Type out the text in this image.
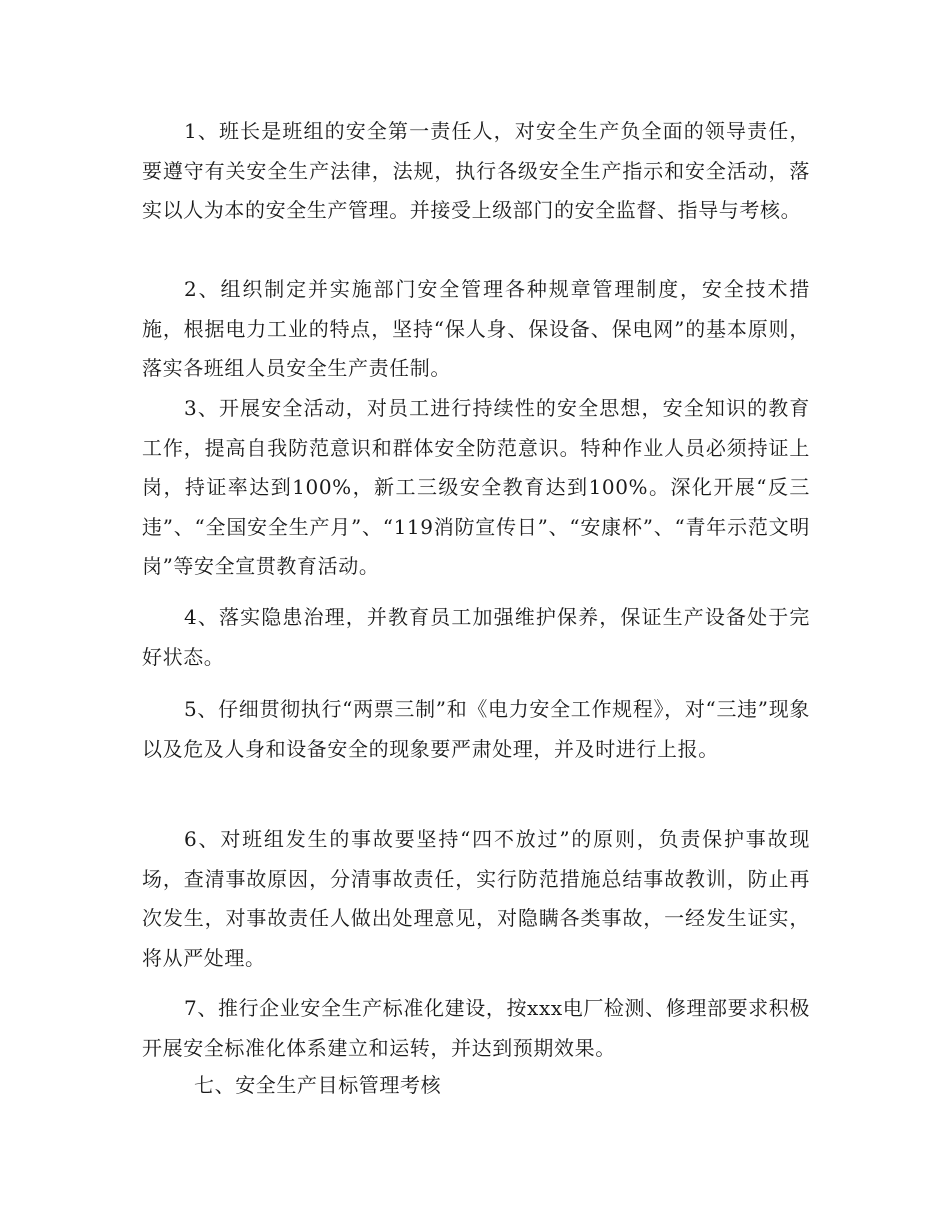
1、班长是班组的安全第一责任人，对安全生产负全面的领导责任，要遵守有关安全生产法律，法规，执行各级安全生产指示和安全活动，落实以人为本的安全生产管理。并接受上级部门的安全监督、指导与考核。

2、组织制定并实施部门安全管理各种规章管理制度，安全技术措施，根据电力工业的特点，坚持“保人身、保设备、保电网”的基本原则，落实各班组人员安全生产责任制。

3、开展安全活动，对员工进行持续性的安全思想，安全知识的教育工作，提高自我防范意识和群体安全防范意识。特种作业人员必须持证上岗，持证率达到100%，新工三级安全教育达到100%。深化开展“反三违”、“全国安全生产月”、“119消防宣传日”、“安康杯”、“青年示范文明岗”等安全宣贯教育活动。

4、落实隐患治理，并教育员工加强维护保养，保证生产设备处于完好状态。

5、仔细贯彻执行“两票三制”和《电力安全工作规程》，对“三违”现象以及危及人身和设备安全的现象要严肃处理，并及时进行上报。

6、对班组发生的事故要坚持“四不放过”的原则，负责保护事故现场，查清事故原因，分清事故责任，实行防范措施总结事故教训，防止再次发生，对事故责任人做出处理意见，对隐瞒各类事故，一经发生证实，将从严处理。

7、推行企业安全生产标准化建设，按xxx电厂检测、修理部要求积极开展安全标准化体系建立和运转，并达到预期效果。

七、安全生产目标管理考核
